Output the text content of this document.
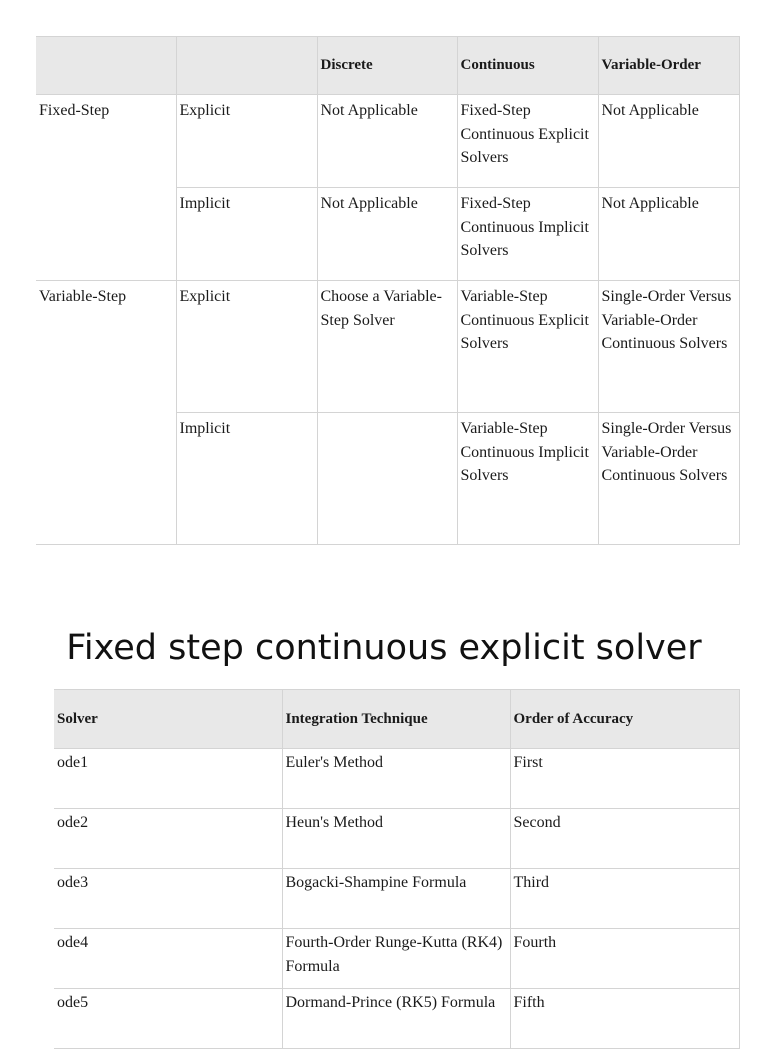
		Discrete	Continuous	Variable-Order
Fixed-Step	Explicit	Not Applicable	Fixed-Step Continuous Explicit Solvers	Not Applicable
	Implicit	Not Applicable	Fixed-Step Continuous Implicit Solvers	Not Applicable
Variable-Step	Explicit	Choose a Variable-Step Solver	Variable-Step Continuous Explicit Solvers	Single-Order Versus Variable-Order Continuous Solvers
	Implicit		Variable-Step Continuous Implicit Solvers	Single-Order Versus Variable-Order Continuous Solvers
Fixed step continuous explicit solver
Solver	Integration Technique	Order of Accuracy
ode1	Euler's Method	First
ode2	Heun's Method	Second
ode3	Bogacki-Shampine Formula	Third
ode4	Fourth-Order Runge-Kutta (RK4) Formula	Fourth
ode5	Dormand-Prince (RK5) Formula	Fifth
